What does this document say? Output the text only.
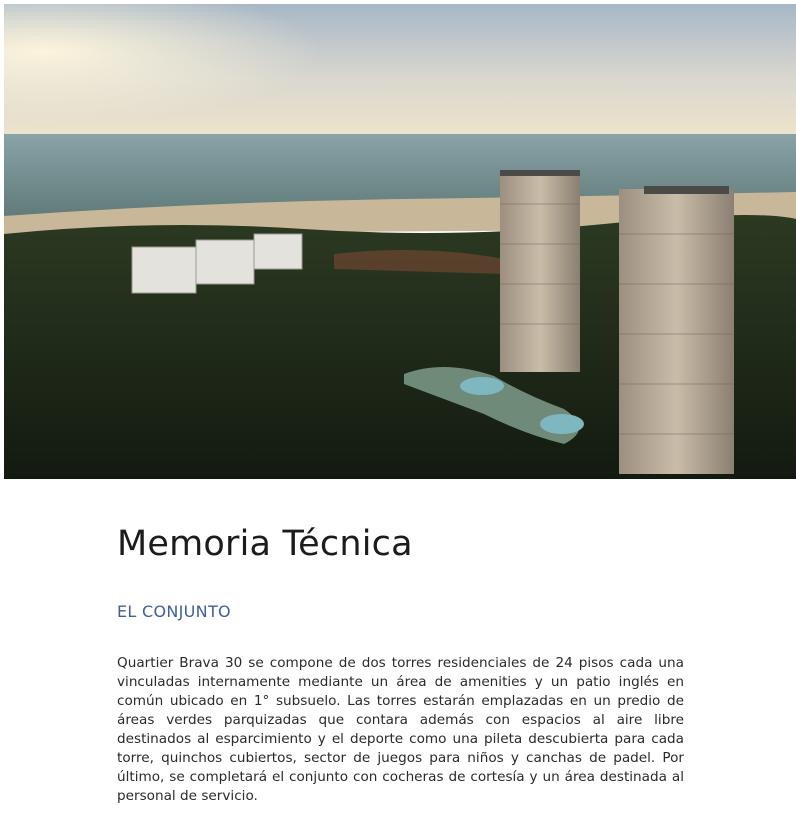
Memoria Técnica
EL CONJUNTO

Quartier Brava 30 se compone de dos torres residenciales de 24 pisos cada una vinculadas internamente mediante un área de amenities y un patio inglés en común ubicado en 1° subsuelo. Las torres estarán emplazadas en un predio de áreas verdes parquizadas que contara además con espacios al aire libre destinados al esparcimiento y el deporte como una pileta descubierta para cada torre, quinchos cubiertos, sector de juegos para niños y canchas de padel. Por último, se completará el conjunto con cocheras de cortesía y un área destinada al personal de servicio.
